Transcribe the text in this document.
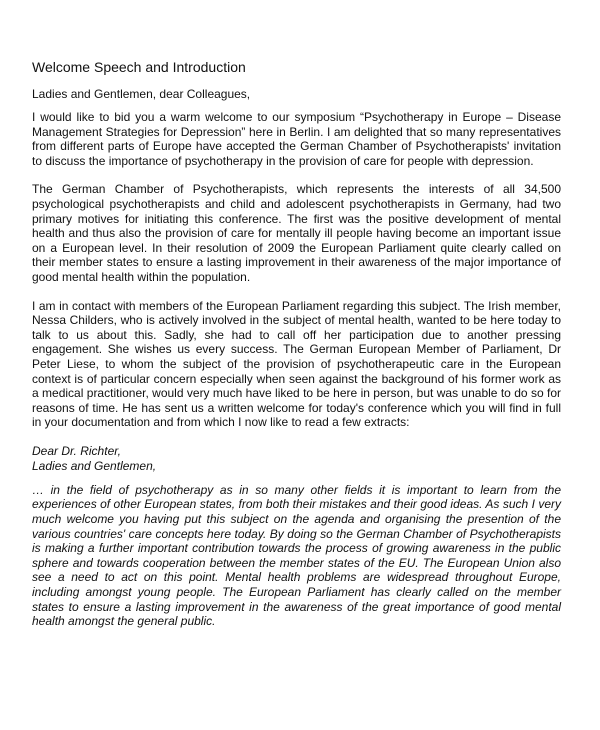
Welcome Speech and Introduction
Ladies and Gentlemen, dear Colleagues,

I would like to bid you a warm welcome to our symposium “Psychotherapy in Europe – Disease Management Strategies for Depression” here in Berlin. I am delighted that so many representatives from different parts of Europe have accepted the German Chamber of Psychotherapists' invitation to discuss the importance of psychotherapy in the provision of care for people with depression.

The German Chamber of Psychotherapists, which represents the interests of all 34,500 psychological psychotherapists and child and adolescent psychotherapists in Germany, had two primary motives for initiating this conference. The first was the positive development of mental health and thus also the provision of care for mentally ill people having become an important issue on a European level. In their resolution of 2009 the European Parliament quite clearly called on their member states to ensure a lasting improvement in their awareness of the major importance of good mental health within the population.

I am in contact with members of the European Parliament regarding this subject. The Irish member, Nessa Childers, who is actively involved in the subject of mental health, wanted to be here today to talk to us about this. Sadly, she had to call off her participation due to another pressing engagement. She wishes us every success. The German European Member of Parliament, Dr Peter Liese, to whom the subject of the provision of psychotherapeutic care in the European context is of particular concern especially when seen against the background of his former work as a medical practitioner, would very much have liked to be here in person, but was unable to do so for reasons of time. He has sent us a written welcome for today's conference which you will find in full in your documentation and from which I now like to read a few extracts:

Dear Dr. Richter,
Ladies and Gentlemen,

… in the field of psychotherapy as in so many other fields it is important to learn from the experiences of other European states, from both their mistakes and their good ideas. As such I very much welcome you having put this subject on the agenda and organising the presention of the various countries' care concepts here today. By doing so the German Chamber of Psychotherapists is making a further important contribution towards the process of growing awareness in the public sphere and towards cooperation between the member states of the EU. The European Union also see a need to act on this point. Mental health problems are widespread throughout Europe, including amongst young people. The European Parliament has clearly called on the member states to ensure a lasting improvement in the awareness of the great importance of good mental health amongst the general public.
